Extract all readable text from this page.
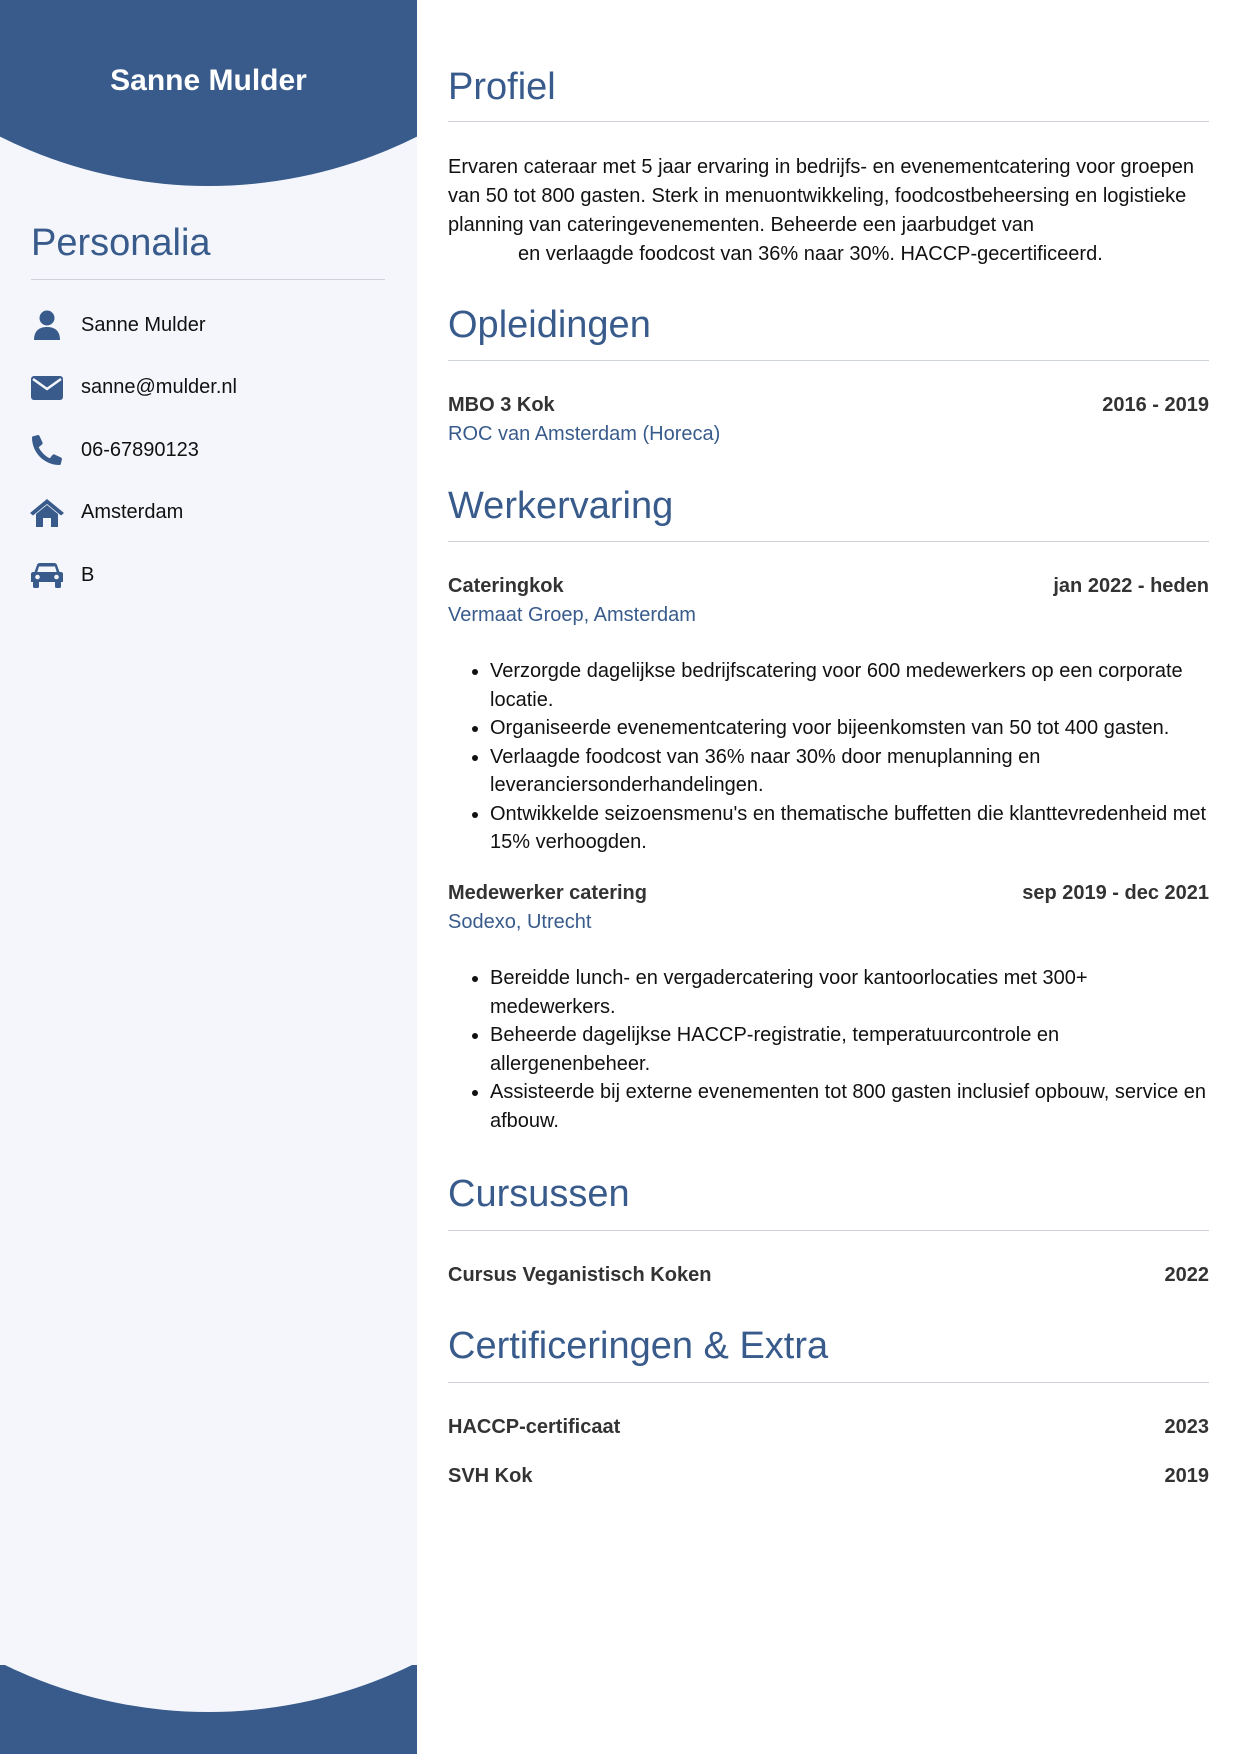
Sanne Mulder
Personalia
Sanne Mulder
sanne@mulder.nl
06-67890123
Amsterdam
B
Profiel

Ervaren cateraar met 5 jaar ervaring in bedrijfs- en evenementcatering voor groepen van 50 tot 800 gasten. Sterk in menuontwikkeling, foodcostbeheersing en logistieke planning van cateringevenementen. Beheerde een jaarbudget van

en verlaagde foodcost van 36% naar 30%. HACCP-gecertificeerd.

Opleidingen
MBO 3 Kok	2016 - 2019
ROC van Amsterdam (Horeca)
Werkervaring
Cateringkok	jan 2022 - heden
Vermaat Groep, Amsterdam
• Verzorgde dagelijkse bedrijfscatering voor 600 medewerkers op een corporate locatie.
• Organiseerde evenementcatering voor bijeenkomsten van 50 tot 400 gasten.
• Verlaagde foodcost van 36% naar 30% door menuplanning en leveranciersonderhandelingen.
• Ontwikkelde seizoensmenu's en thematische buffetten die klanttevredenheid met 15% verhoogden.
Medewerker catering	sep 2019 - dec 2021
Sodexo, Utrecht
• Bereidde lunch- en vergadercatering voor kantoorlocaties met 300+ medewerkers.
• Beheerde dagelijkse HACCP-registratie, temperatuurcontrole en allergenenbeheer.
• Assisteerde bij externe evenementen tot 800 gasten inclusief opbouw, service en afbouw.
Cursussen
Cursus Veganistisch Koken	2022
Certificeringen & Extra
HACCP-certificaat	2023
SVH Kok	2019
